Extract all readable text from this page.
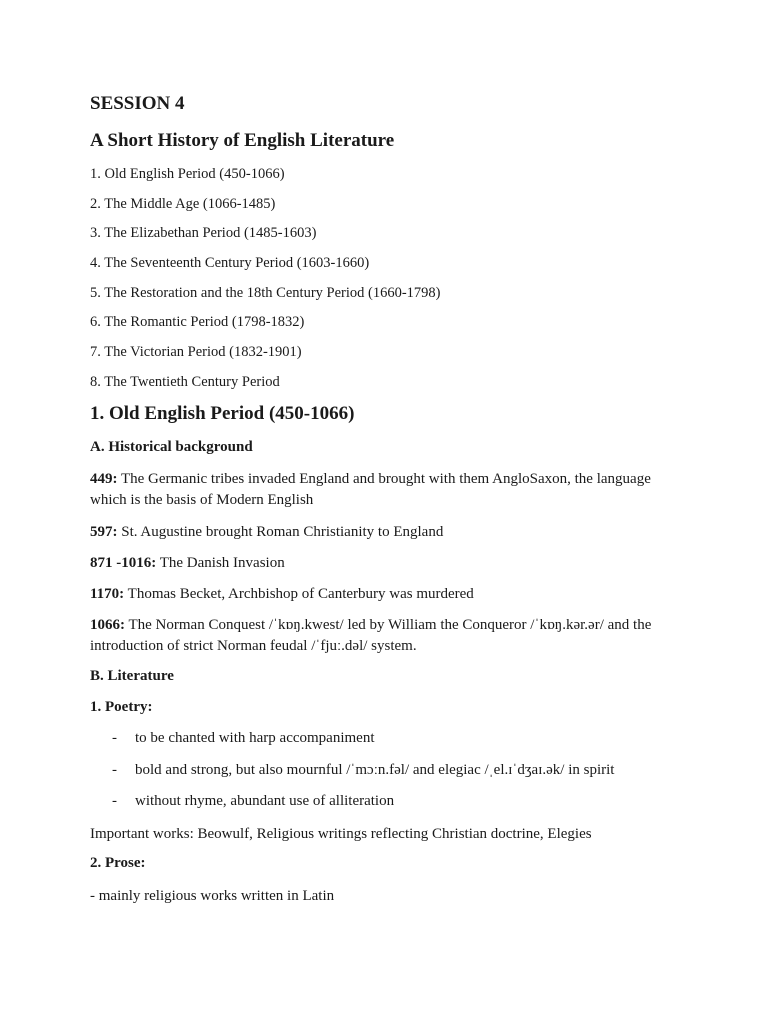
SESSION 4
A Short History of English Literature
1. Old English Period (450-1066)
2. The Middle Age (1066-1485)
3. The Elizabethan Period (1485-1603)
4. The Seventeenth Century Period (1603-1660)
5. The Restoration and the 18th Century Period (1660-1798)
6. The Romantic Period (1798-1832)
7. The Victorian Period (1832-1901)
8. The Twentieth Century Period
1. Old English Period (450-1066)
A. Historical background
449: The Germanic tribes invaded England and brought with them AngloSaxon, the language which is the basis of Modern English
597: St. Augustine brought Roman Christianity to England
871 -1016: The Danish Invasion
1170: Thomas Becket, Archbishop of Canterbury was murdered
1066: The Norman Conquest /ˈkɒŋ.kwest/ led by William the Conqueror /ˈkɒŋ.kər.ər/ and the introduction of strict Norman feudal /ˈfjuː.dəl/ system.
B. Literature
1. Poetry:
- to be chanted with harp accompaniment
- bold and strong, but also mournful /ˈmɔːn.fəl/ and elegiac /ˌel.ɪˈdʒaɪ.ək/ in spirit
- without rhyme, abundant use of alliteration
Important works: Beowulf, Religious writings reflecting Christian doctrine, Elegies
2. Prose:
- mainly religious works written in Latin
